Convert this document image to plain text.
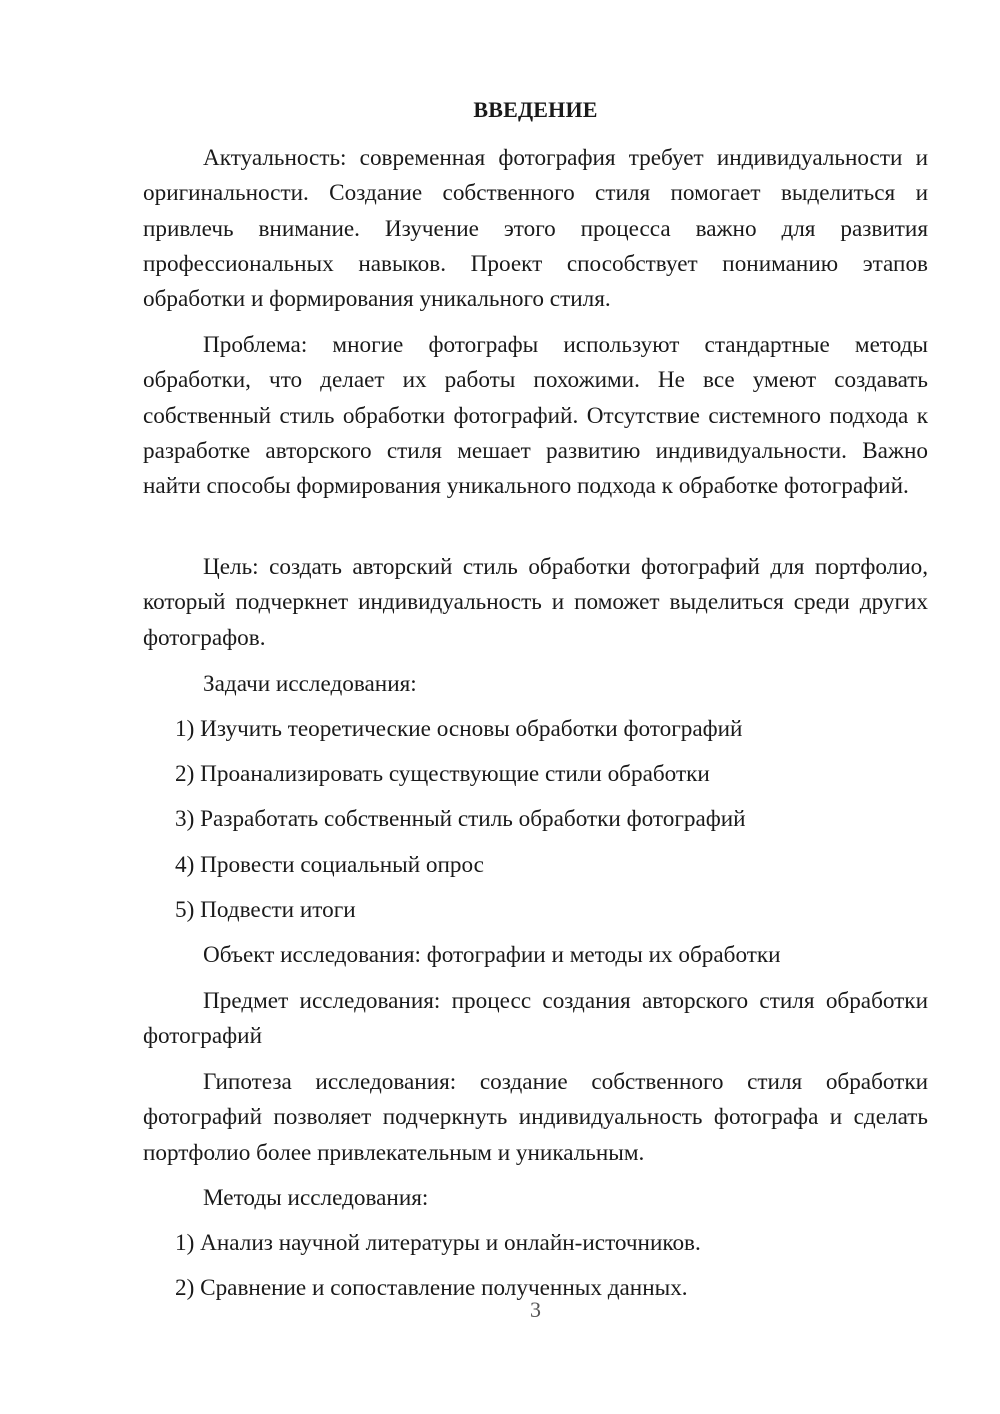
ВВЕДЕНИЕ

Актуальность: современная фотография требует индивидуальности и оригинальности. Создание собственного стиля помогает выделиться и привлечь внимание. Изучение этого процесса важно для развития профессиональных навыков. Проект способствует пониманию этапов обработки и формирования уникального стиля.

Проблема: многие фотографы используют стандартные методы обработки, что делает их работы похожими. Не все умеют создавать собственный стиль обработки фотографий. Отсутствие системного подхода к разработке авторского стиля мешает развитию индивидуальности. Важно найти способы формирования уникального подхода к обработке фотографий.

Цель: создать авторский стиль обработки фотографий для портфолио, который подчеркнет индивидуальность и поможет выделиться среди других фотографов.

Задачи исследования:

1) Изучить теоретические основы обработки фотографий

2) Проанализировать существующие стили обработки

3) Разработать собственный стиль обработки фотографий

4) Провести социальный опрос

5) Подвести итоги

Объект исследования: фотографии и методы их обработки

Предмет исследования: процесс создания авторского стиля обработки фотографий

Гипотеза исследования: создание собственного стиля обработки фотографий позволяет подчеркнуть индивидуальность фотографа и сделать портфолио более привлекательным и уникальным.

Методы исследования:

1) Анализ научной литературы и онлайн-источников.

2) Сравнение и сопоставление полученных данных.

3
